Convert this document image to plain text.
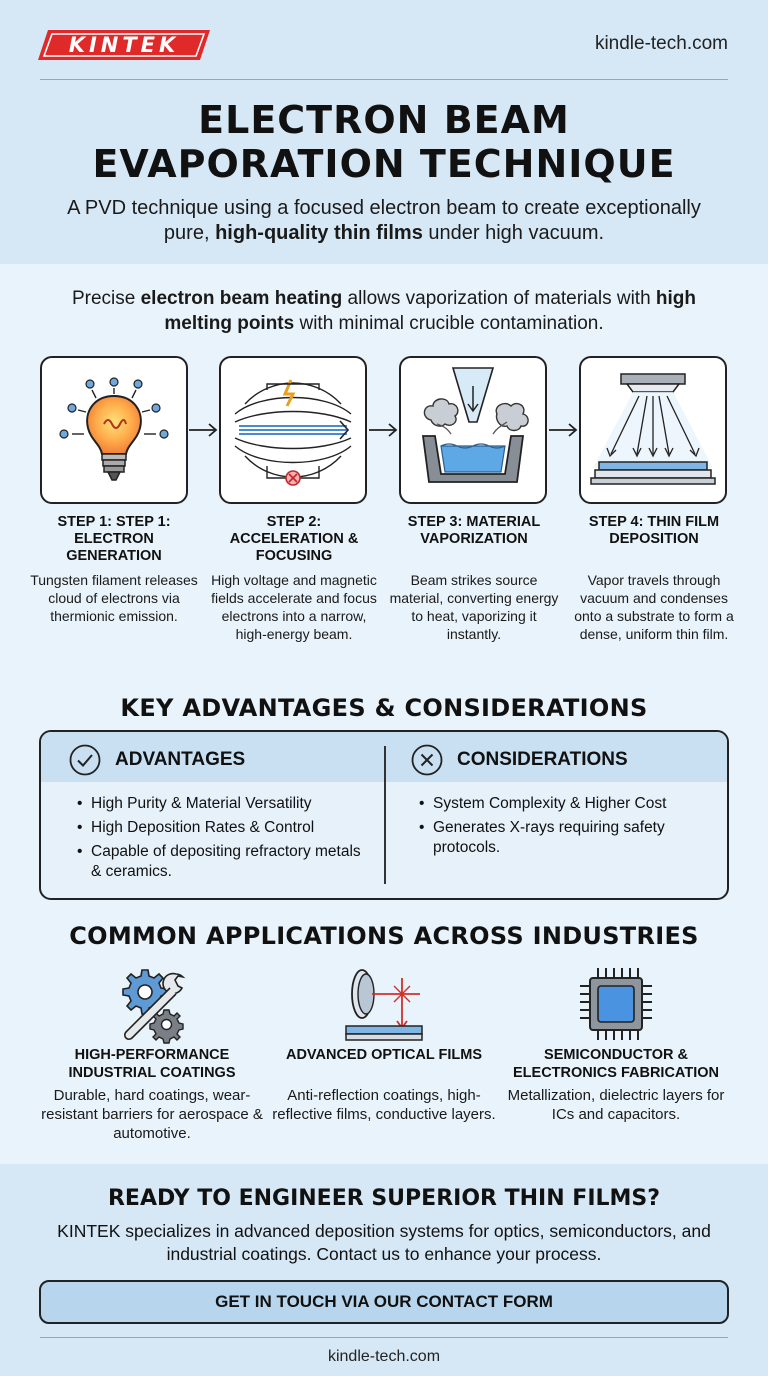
KINTEK	kindle-tech.com
ELECTRON BEAM
EVAPORATION TECHNIQUE
A PVD technique using a focused electron beam to create exceptionally pure, high-quality thin films under high vacuum.
Precise electron beam heating allows vaporization of materials with high melting points with minimal crucible contamination.
STEP 1: STEP 1: ELECTRON GENERATION
STEP 2: ACCELERATION & FOCUSING
STEP 3: MATERIAL VAPORIZATION
STEP 4: THIN FILM DEPOSITION
Tungsten filament releases cloud of electrons via thermionic emission.
High voltage and magnetic fields accelerate and focus electrons into a narrow, high-energy beam.
Beam strikes source material, converting energy to heat, vaporizing it instantly.
Vapor travels through vacuum and condenses onto a substrate to form a dense, uniform thin film.
KEY ADVANTAGES & CONSIDERATIONS
ADVANTAGES	CONSIDERATIONS
• High Purity & Material Versatility
• High Deposition Rates & Control
• Capable of depositing refractory metals & ceramics.
• System Complexity & Higher Cost
• Generates X-rays requiring safety protocols.
COMMON APPLICATIONS ACROSS INDUSTRIES
HIGH-PERFORMANCE INDUSTRIAL COATINGS
ADVANCED OPTICAL FILMS	SEMICONDUCTOR & ELECTRONICS FABRICATION
Durable, hard coatings, wear-resistant barriers for aerospace & automotive.
Anti-reflection coatings, high-reflective films, conductive layers.
Metallization, dielectric layers for ICs and capacitors.
READY TO ENGINEER SUPERIOR THIN FILMS?
KINTEK specializes in advanced deposition systems for optics, semiconductors, and industrial coatings. Contact us to enhance your process.
GET IN TOUCH VIA OUR CONTACT FORM
kindle-tech.com
